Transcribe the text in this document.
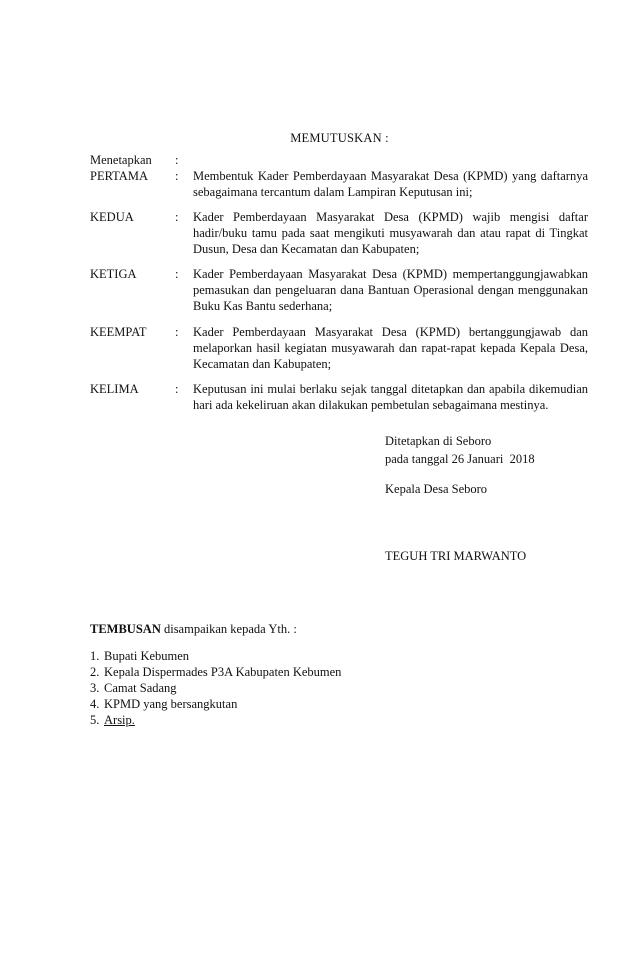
MEMUTUSKAN :
Menetapkan :
PERTAMA : Membentuk Kader Pemberdayaan Masyarakat Desa (KPMD) yang daftarnya sebagaimana tercantum dalam Lampiran Keputusan ini;
KEDUA	: Kader Pemberdayaan Masyarakat Desa (KPMD) wajib mengisi daftar hadir/buku tamu pada saat mengikuti musyawarah dan atau rapat di Tingkat Dusun, Desa dan Kecamatan dan Kabupaten;
KETIGA	: Kader Pemberdayaan Masyarakat Desa (KPMD) mempertanggungjawabkan pemasukan dan pengeluaran dana Bantuan Operasional dengan menggunakan Buku Kas Bantu sederhana;
KEEMPAT : Kader Pemberdayaan Masyarakat Desa (KPMD) bertanggungjawab dan melaporkan hasil kegiatan musyawarah dan rapat-rapat kepada Kepala Desa, Kecamatan dan Kabupaten;
KELIMA	: Keputusan ini mulai berlaku sejak tanggal ditetapkan dan apabila dikemudian hari ada kekeliruan akan dilakukan pembetulan sebagaimana mestinya.
Ditetapkan di Seboro
pada tanggal 26 Januari  2018
Kepala Desa Seboro
TEGUH TRI MARWANTO
TEMBUSAN disampaikan kepada Yth. :
1. Bupati Kebumen
2. Kepala Dispermades P3A Kabupaten Kebumen
3. Camat Sadang
4. KPMD yang bersangkutan
5. Arsip.
